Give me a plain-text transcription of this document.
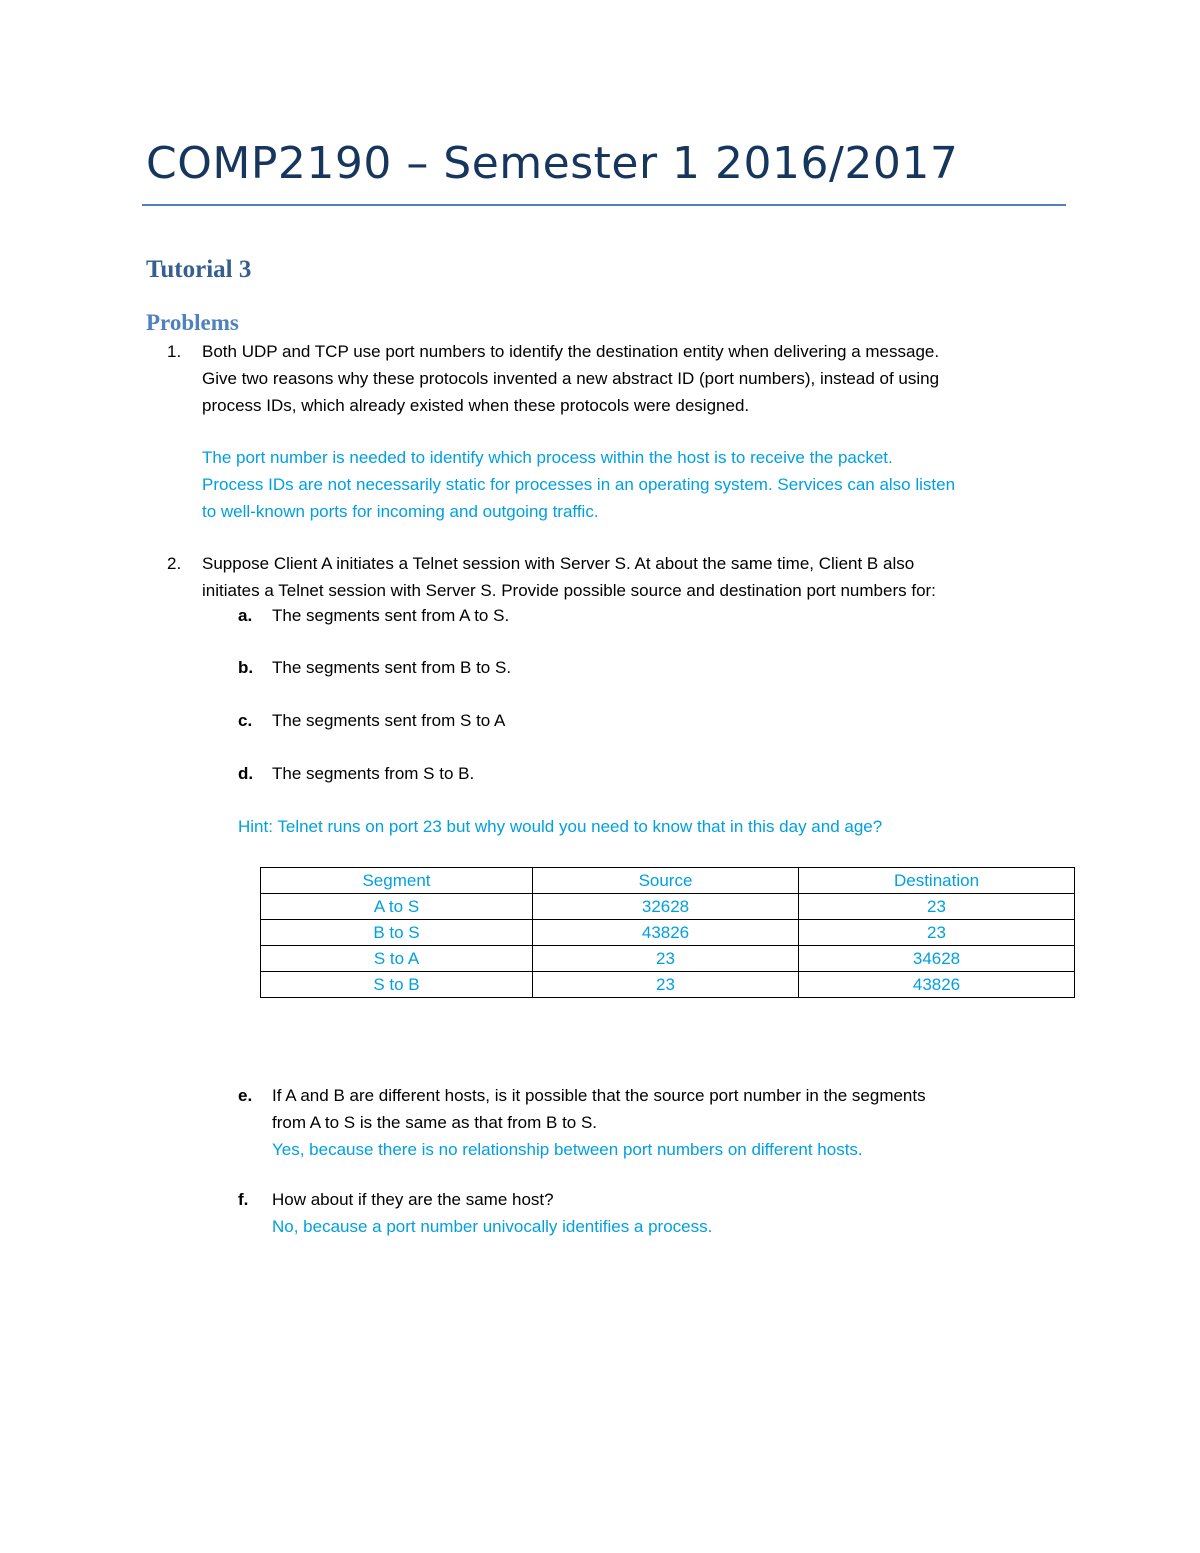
COMP2190 – Semester 1 2016/2017
Tutorial 3
Problems
1. Both UDP and TCP use port numbers to identify the destination entity when delivering a message.
Give two reasons why these protocols invented a new abstract ID (port numbers), instead of using
process IDs, which already existed when these protocols were designed.
The port number is needed to identify which process within the host is to receive the packet.
Process IDs are not necessarily static for processes in an operating system. Services can also listen
to well-known ports for incoming and outgoing traffic.
2. Suppose Client A initiates a Telnet session with Server S. At about the same time, Client B also
initiates a Telnet session with Server S. Provide possible source and destination port numbers for:
a. The segments sent from A to S.
b. The segments sent from B to S.
c. The segments sent from S to A
d. The segments from S to B.
Hint: Telnet runs on port 23 but why would you need to know that in this day and age?
Segment	Source	Destination
A to S	32628	23
B to S	43826	23
S to A	23	34628
S to B	23	43826
e. If A and B are different hosts, is it possible that the source port number in the segments
from A to S is the same as that from B to S.
Yes, because there is no relationship between port numbers on different hosts.
f. How about if they are the same host?
No, because a port number univocally identifies a process.
